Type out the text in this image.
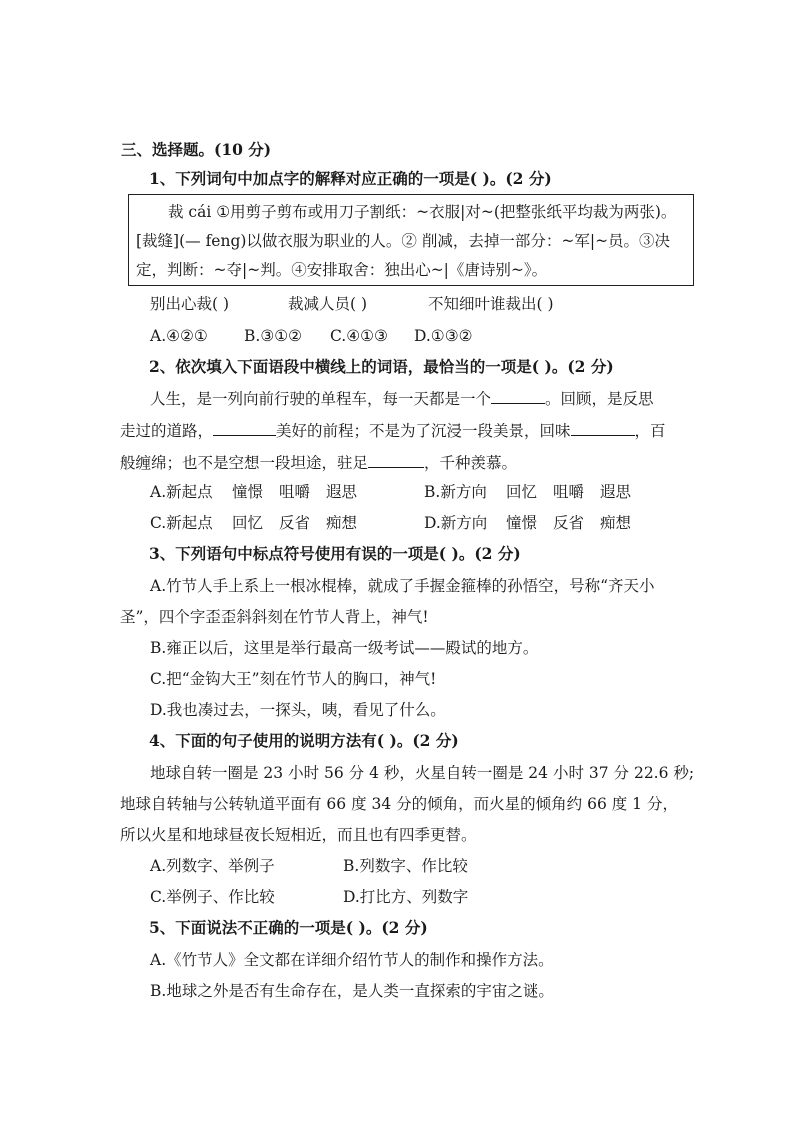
三、选择题。(10 分)
1、下列词句中加点字的解释对应正确的一项是( )。(2 分)
裁 cái ①用剪子剪布或用刀子割纸：~衣服|对~(把整张纸平均裁为两张)。
[裁缝](— feng)以做衣服为职业的人。② 削减，去掉一部分：~军|~员。③决
定，判断：~夺|~判。④安排取舍：独出心~|《唐诗别~》。
别出心裁( )	裁减人员( )	不知细叶谁裁出( )
A.④②① B.③①② C.④①③ D.①③②
2、依次填入下面语段中横线上的词语，最恰当的一项是( )。(2 分)
人生，是一列向前行驶的单程车，每一天都是一个	。回顾，是反思
走过的道路，	美好的前程；不是为了沉浸一段美景，回味	，百
般缠绵；也不是空想一段坦途，驻足	，千种羡慕。
A.新起点 憧憬 咀嚼 遐思	B.新方向 回忆 咀嚼 遐思
C.新起点 回忆 反省 痴想	D.新方向 憧憬 反省 痴想
3、下列语句中标点符号使用有误的一项是( )。(2 分)
A.竹节人手上系上一根冰棍棒，就成了手握金箍棒的孙悟空，号称“齐天小
圣”，四个字歪歪斜斜刻在竹节人背上，神气!
B.雍正以后，这里是举行最高一级考试——殿试的地方。
C.把“金钩大王”刻在竹节人的胸口，神气!
D.我也凑过去，一探头，咦，看见了什么。
4、下面的句子使用的说明方法有( )。(2 分)
地球自转一圈是 23 小时 56 分 4 秒，火星自转一圈是 24 小时 37 分 22.6 秒;
地球自转轴与公转轨道平面有 66 度 34 分的倾角，而火星的倾角约 66 度 1 分，
所以火星和地球昼夜长短相近，而且也有四季更替。
A.列数字、举例子	B.列数字、作比较
C.举例子、作比较	D.打比方、列数字
5、下面说法不正确的一项是( )。(2 分)
A.《竹节人》全文都在详细介绍竹节人的制作和操作方法。
B.地球之外是否有生命存在，是人类一直探索的宇宙之谜。
